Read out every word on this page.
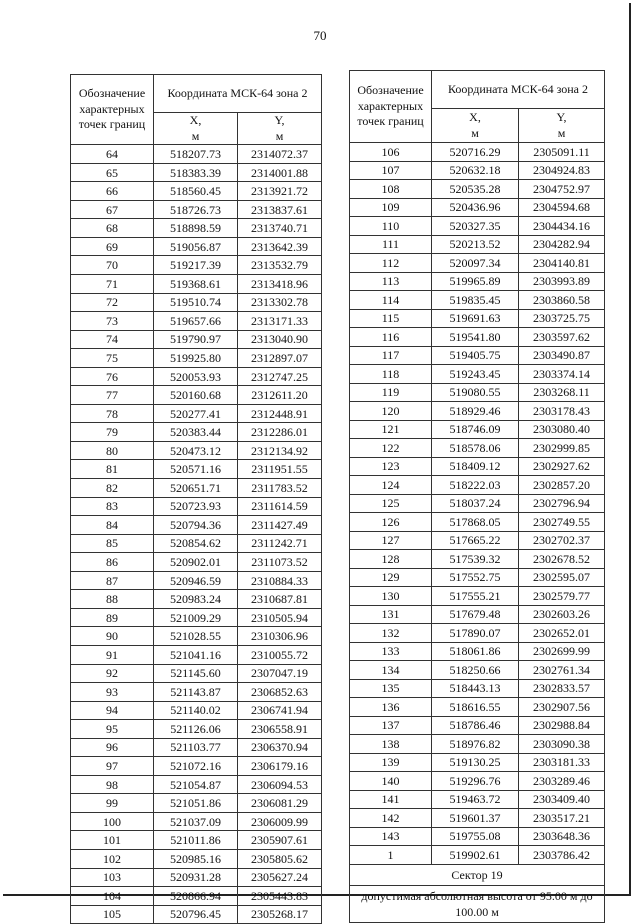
70
Обозначение характерных точек границ	Координата МСК-64 зона 2	
	X,
м	Y,
м
64	518207.73	2314072.37
65	518383.39	2314001.88
66	518560.45	2313921.72
67	518726.73	2313837.61
68	518898.59	2313740.71
69	519056.87	2313642.39
70	519217.39	2313532.79
71	519368.61	2313418.96
72	519510.74	2313302.78
73	519657.66	2313171.33
74	519790.97	2313040.90
75	519925.80	2312897.07
76	520053.93	2312747.25
77	520160.68	2312611.20
78	520277.41	2312448.91
79	520383.44	2312286.01
80	520473.12	2312134.92
81	520571.16	2311951.55
82	520651.71	2311783.52
83	520723.93	2311614.59
84	520794.36	2311427.49
85	520854.62	2311242.71
86	520902.01	2311073.52
87	520946.59	2310884.33
88	520983.24	2310687.81
89	521009.29	2310505.94
90	521028.55	2310306.96
91	521041.16	2310055.72
92	521145.60	2307047.19
93	521143.87	2306852.63
94	521140.02	2306741.94
95	521126.06	2306558.91
96	521103.77	2306370.94
97	521072.16	2306179.16
98	521054.87	2306094.53
99	521051.86	2306081.29
100	521037.09	2306009.99
101	521011.86	2305907.61
102	520985.16	2305805.62
103	520931.28	2305627.24
104	520866.94	2305443.83
105	520796.45	2305268.17
Обозначение характерных точек границ	Координата МСК-64 зона 2	
	X,
м	Y,
м
106	520716.29	2305091.11
107	520632.18	2304924.83
108	520535.28	2304752.97
109	520436.96	2304594.68
110	520327.35	2304434.16
111	520213.52	2304282.94
112	520097.34	2304140.81
113	519965.89	2303993.89
114	519835.45	2303860.58
115	519691.63	2303725.75
116	519541.80	2303597.62
117	519405.75	2303490.87
118	519243.45	2303374.14
119	519080.55	2303268.11
120	518929.46	2303178.43
121	518746.09	2303080.40
122	518578.06	2302999.85
123	518409.12	2302927.62
124	518222.03	2302857.20
125	518037.24	2302796.94
126	517868.05	2302749.55
127	517665.22	2302702.37
128	517539.32	2302678.52
129	517552.75	2302595.07
130	517555.21	2302579.77
131	517679.48	2302603.26
132	517890.07	2302652.01
133	518061.86	2302699.99
134	518250.66	2302761.34
135	518443.13	2302833.57
136	518616.55	2302907.56
137	518786.46	2302988.84
138	518976.82	2303090.38
139	519130.25	2303181.33
140	519296.76	2303289.46
141	519463.72	2303409.40
142	519601.37	2303517.21
143	519755.08	2303648.36
1	519902.61	2303786.42
Сектор 19		
допустимая абсолютная высота от 95.00 м до 100.00 м		
